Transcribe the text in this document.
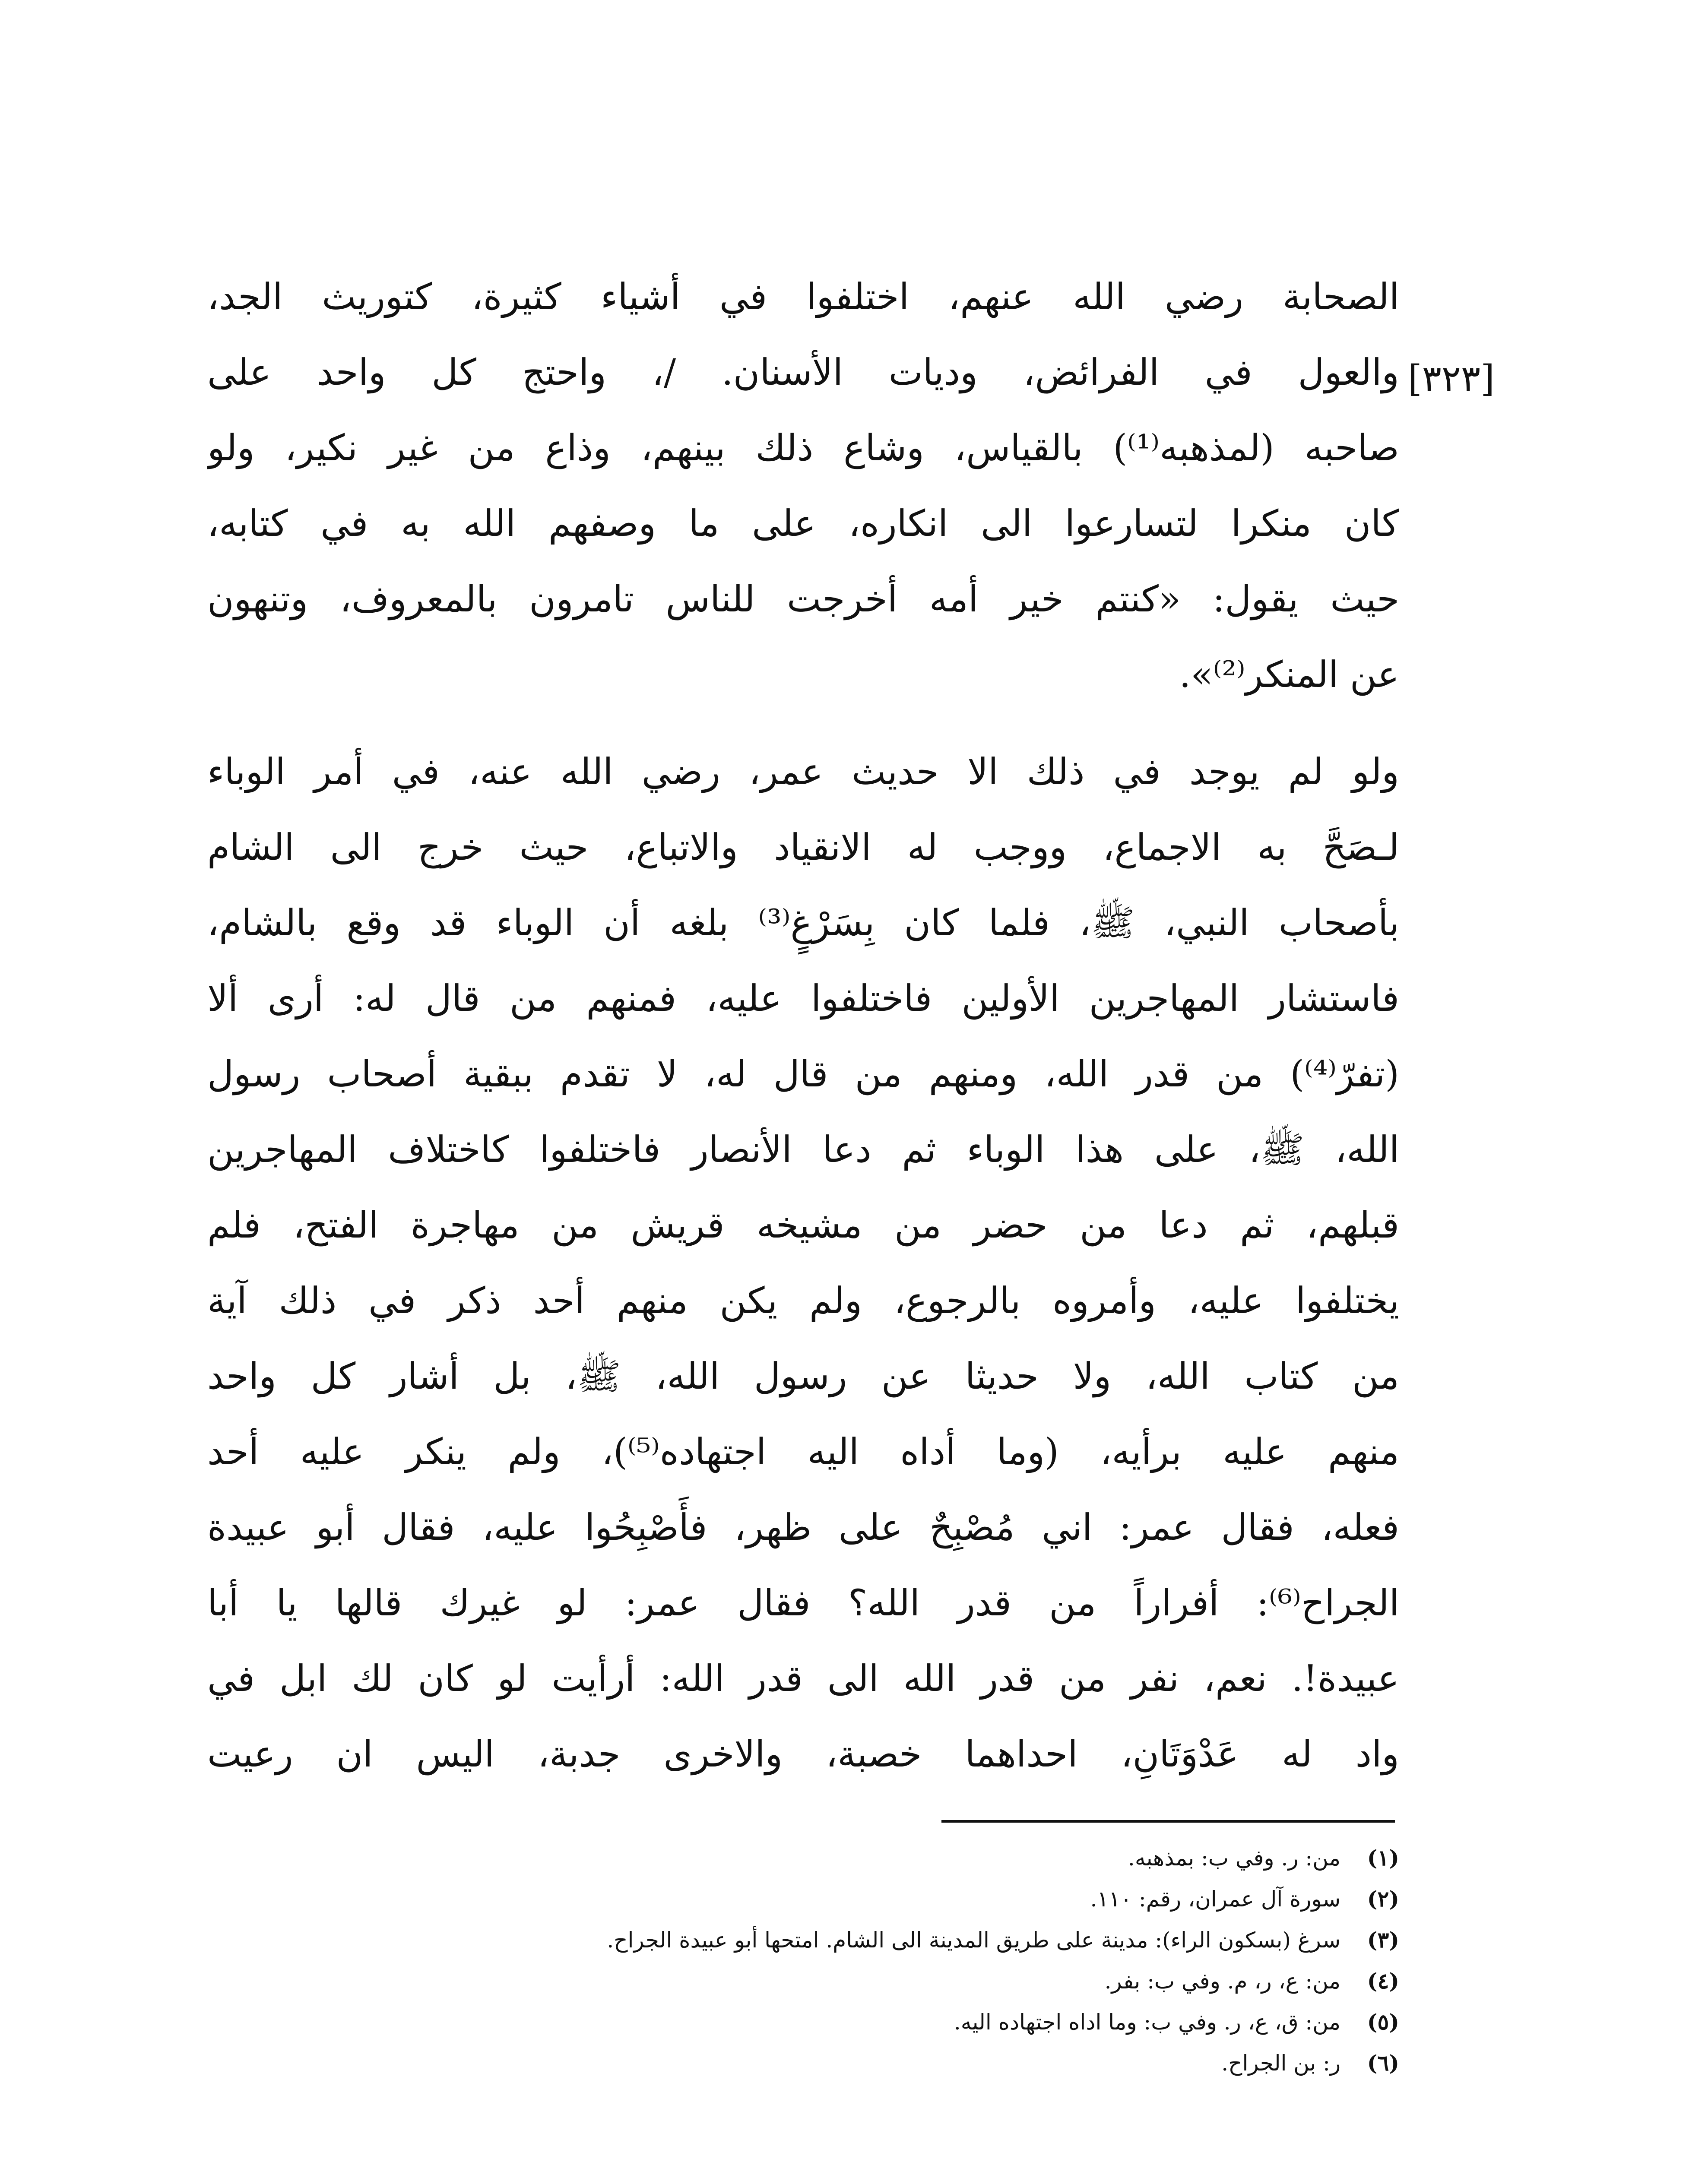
[٣٢٣]
الصحابة رضي الله عنهم، اختلفوا في أشياء كثيرة، كتوريث الجد،
والعول في الفرائض، وديات الأسنان. /، واحتج كل واحد على
صاحبه (لمذهبه⁽¹⁾) بالقياس، وشاع ذلك بينهم، وذاع من غير نكير، ولو
كان منكرا لتسارعوا الى انكاره، على ما وصفهم الله به في كتابه،
حيث يقول: «كنتم خير أمه أخرجت للناس تامرون بالمعروف، وتنهون
عن المنكر⁽²⁾».
ولو لم يوجد في ذلك الا حديث عمر، رضي الله عنه، في أمر الوباء
لـصَحَّ به الاجماع، ووجب له الانقياد والاتباع، حيث خرج الى الشام
بأصحاب النبي، ﷺ، فلما كان بِسَرْغٍ⁽³⁾ بلغه أن الوباء قد وقع بالشام،
فاستشار المهاجرين الأولين فاختلفوا عليه، فمنهم من قال له: أرى ألا
(تفرّ⁽⁴⁾) من قدر الله، ومنهم من قال له، لا تقدم ببقية أصحاب رسول
الله، ﷺ، على هذا الوباء ثم دعا الأنصار فاختلفوا كاختلاف المهاجرين
قبلهم، ثم دعا من حضر من مشيخه قريش من مهاجرة الفتح، فلم
يختلفوا عليه، وأمروه بالرجوع، ولم يكن منهم أحد ذكر في ذلك آية
من كتاب الله، ولا حديثا عن رسول الله، ﷺ، بل أشار كل واحد
منهم عليه برأيه، (وما أداه اليه اجتهاده⁽⁵⁾)، ولم ينكر عليه أحد
فعله، فقال عمر: اني مُصْبِحٌ على ظهر، فأَصْبِحُوا عليه، فقال أبو عبيدة
الجراح⁽⁶⁾: أفراراً من قدر الله؟ فقال عمر: لو غيرك قالها يا أبا
عبيدة!. نعم، نفر من قدر الله الى قدر الله: أرأيت لو كان لك ابل في
واد له عَدْوَتَانِ، احداهما خصبة، والاخرى جدبة، اليس ان رعيت
(١) من: ر. وفي ب: بمذهبه.
(٢) سورة آل عمران، رقم: ١١٠.
(٣) سرغ (بسكون الراء): مدينة على طريق المدينة الى الشام. امتحها أبو عبيدة الجراح.
(٤) من: ع، ر، م. وفي ب: بفر.
(٥) من: ق، ع، ر. وفي ب: وما اداه اجتهاده اليه.
(٦) ر: بن الجراح.
